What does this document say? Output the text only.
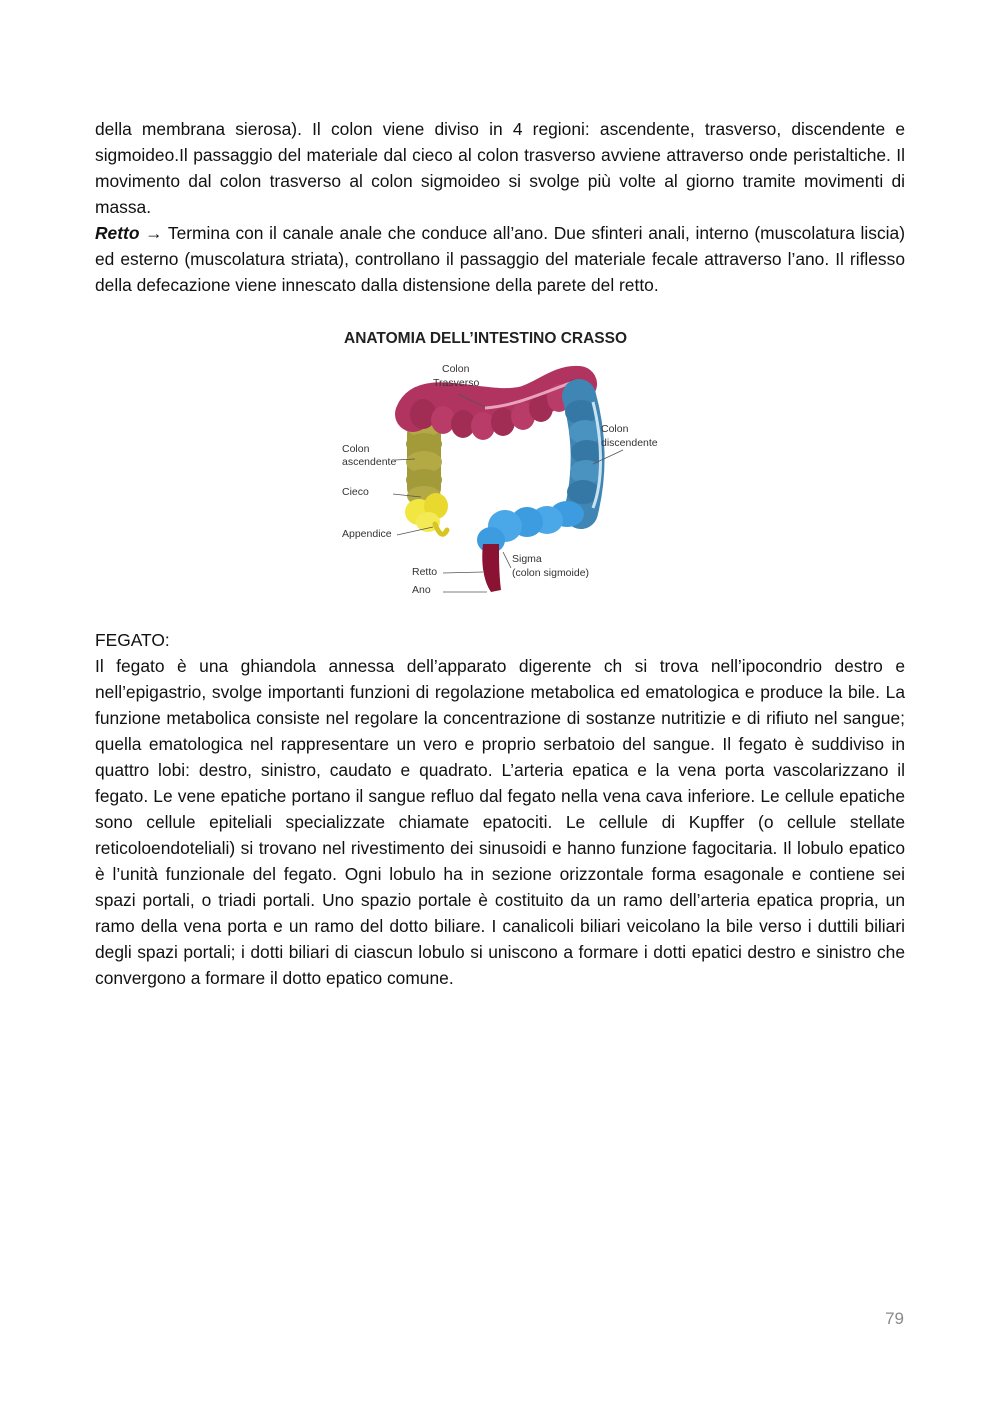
della membrana sierosa). Il colon viene diviso in 4 regioni: ascendente, trasverso, discendente e sigmoideo.Il passaggio del materiale dal cieco al colon trasverso avviene attraverso onde peristaltiche. Il movimento dal colon trasverso al colon sigmoideo si svolge più volte al giorno tramite movimenti di massa.

Retto → Termina con il canale anale che conduce all’ano. Due sfinteri anali, interno (muscolatura liscia) ed esterno (muscolatura striata), controllano il passaggio del materiale fecale attraverso l’ano. Il riflesso della defecazione viene innescato dalla distensione della parete del retto.

ANATOMIA DELL’INTESTINO CRASSO
Colon
Trasverso
Colon
discendente
Colon
ascendente
Cieco
Appendice
Sigma
(colon sigmoide)
Retto
Ano

FEGATO:

Il fegato è una ghiandola annessa dell’apparato digerente ch si trova nell’ipocondrio destro e nell’epigastrio, svolge importanti funzioni di regolazione metabolica ed ematologica e produce la bile. La funzione metabolica consiste nel regolare la concentrazione di sostanze nutritizie e di rifiuto nel sangue; quella ematologica nel rappresentare un vero e proprio serbatoio del sangue. Il fegato è suddiviso in quattro lobi: destro, sinistro, caudato e quadrato. L’arteria epatica e la vena porta vascolarizzano il fegato. Le vene epatiche portano il sangue refluo dal fegato nella vena cava inferiore. Le cellule epatiche sono cellule epiteliali specializzate chiamate epatociti. Le cellule di Kupffer (o cellule stellate reticoloendoteliali) si trovano nel rivestimento dei sinusoidi e hanno funzione fagocitaria. Il lobulo epatico è l’unità funzionale del fegato. Ogni lobulo ha in sezione orizzontale forma esagonale e contiene sei spazi portali, o triadi portali. Uno spazio portale è costituito da un ramo dell’arteria epatica propria, un ramo della vena porta e un ramo del dotto biliare. I canalicoli biliari veicolano la bile verso i duttili biliari degli spazi portali; i dotti biliari di ciascun lobulo si uniscono a formare i dotti epatici destro e sinistro che convergono a formare il dotto epatico comune.

79
